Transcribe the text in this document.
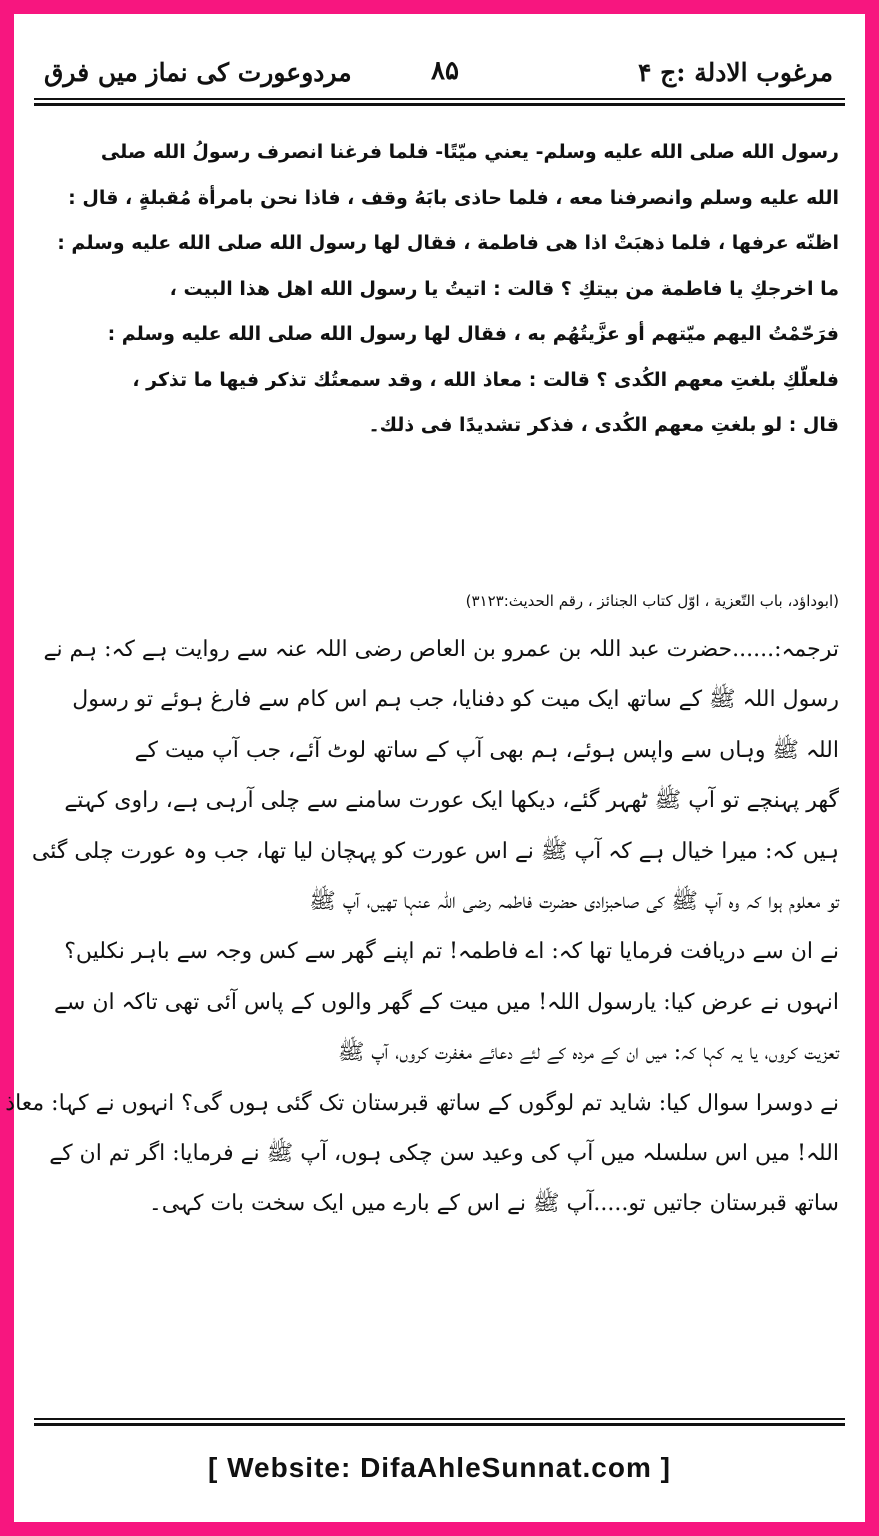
مرغوب الادلة :ج ۴
۸۵
مردوعورت کی نماز میں فرق
رسول الله صلى الله عليه وسلم- يعني ميّتًا- فلما فرغنا انصرف رسولُ الله صلى
الله عليه وسلم وانصرفنا معه ، فلما حاذى بابَهُ وقف ، فاذا نحن بامرأة مُقبلةٍ ، قال :
اظنّه عرفها ، فلما ذهبَتْ اذا هى فاطمة ، فقال لها رسول الله صلى الله عليه وسلم :
ما اخرجكِ يا فاطمة من بيتكِ ؟ قالت : اتيتُ يا رسول الله اهل هذا البيت ،
فرَحّمْتُ اليهم ميّتهم أو عزَّيتُهُم به ، فقال لها رسول الله صلى الله عليه وسلم :
فلعلّكِ بلغتِ معهم الكُدى ؟ قالت : معاذ الله ، وقد سمعتُك تذكر فيها ما تذكر ،
قال : لو بلغتِ معهم الكُدى ، فذكر تشديدًا فى ذلك۔
(ابوداؤد، باب التّعزية ، اوّل كتاب الجنائز ، رقم الحديث:۳۱۲۳)
ترجمہ:......حضرت عبد اللہ بن عمرو بن العاص رضی اللہ عنہ سے روایت ہے کہ: ہم نے
رسول اللہ ﷺ کے ساتھ ایک میت کو دفنایا، جب ہم اس کام سے فارغ ہوئے تو رسول
اللہ ﷺ وہاں سے واپس ہوئے، ہم بھی آپ کے ساتھ لوٹ آئے، جب آپ میت کے
گھر پہنچے تو آپ ﷺ ٹھہر گئے، دیکھا ایک عورت سامنے سے چلی آرہی ہے، راوی کہتے
ہیں کہ: میرا خیال ہے کہ آپ ﷺ نے اس عورت کو پہچان لیا تھا، جب وہ عورت چلی گئی
تو معلوم ہوا کہ وہ آپ ﷺ کی صاحبزادی حضرت فاطمہ رضی اللہ عنہا تھیں، آپ ﷺ
نے ان سے دریافت فرمایا تھا کہ: اے فاطمہ! تم اپنے گھر سے کس وجہ سے باہر نکلیں؟
انہوں نے عرض کیا: یارسول اللہ! میں میت کے گھر والوں کے پاس آئی تھی تاکہ ان سے
تعزیت کروں، یا یہ کہا کہ: میں ان کے مردہ کے لئے دعائے مغفرت کروں، آپ ﷺ
نے دوسرا سوال کیا: شاید تم لوگوں کے ساتھ قبرستان تک گئی ہوں گی؟ انہوں نے کہا: معاذ
اللہ! میں اس سلسلہ میں آپ کی وعید سن چکی ہوں، آپ ﷺ نے فرمایا: اگر تم ان کے
ساتھ قبرستان جاتیں تو.....آپ ﷺ نے اس کے بارے میں ایک سخت بات کہی۔
[ Website: DifaAhleSunnat.com ]
